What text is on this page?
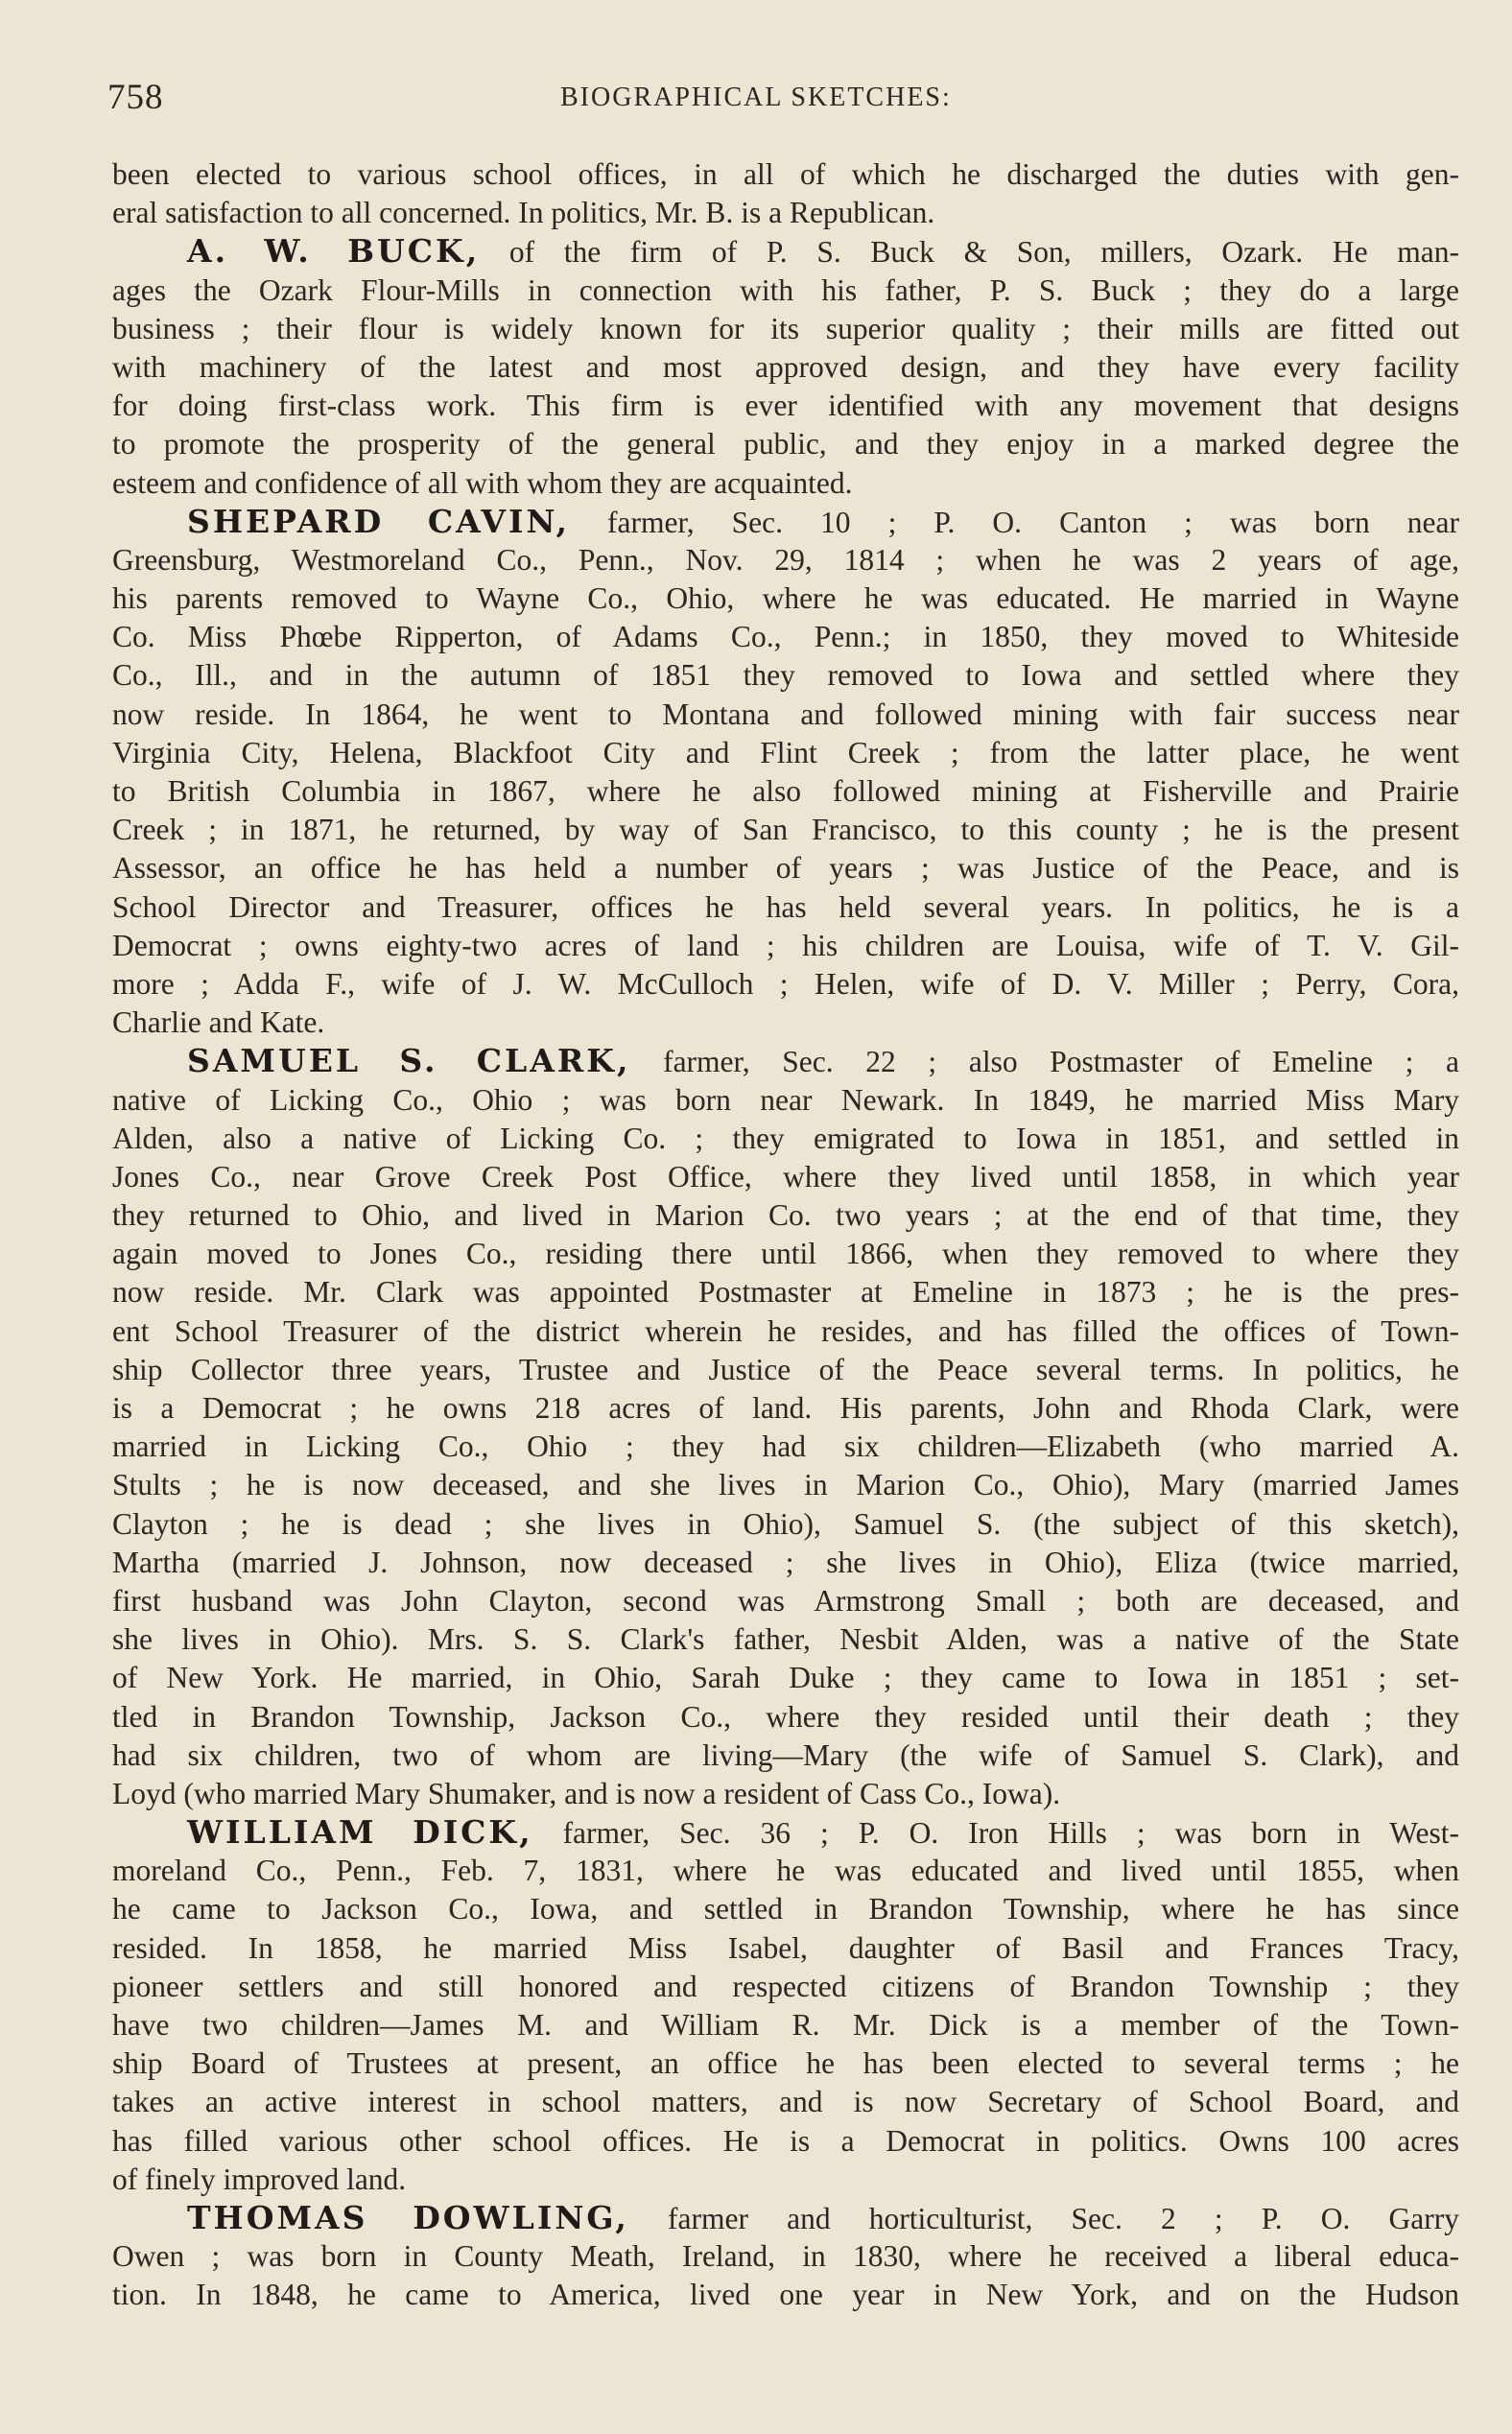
758	BIOGRAPHICAL SKETCHES:
been elected to various school offices, in all of which he discharged the duties with gen-
eral satisfaction to all concerned. In politics, Mr. B. is a Republican.
A. W. BUCK, of the firm of P. S. Buck & Son, millers, Ozark. He man-
ages the Ozark Flour-Mills in connection with his father, P. S. Buck ; they do a large
business ; their flour is widely known for its superior quality ; their mills are fitted out
with machinery of the latest and most approved design, and they have every facility
for doing first-class work. This firm is ever identified with any movement that designs
to promote the prosperity of the general public, and they enjoy in a marked degree the
esteem and confidence of all with whom they are acquainted.
SHEPARD CAVIN, farmer, Sec. 10 ; P. O. Canton ; was born near
Greensburg, Westmoreland Co., Penn., Nov. 29, 1814 ; when he was 2 years of age,
his parents removed to Wayne Co., Ohio, where he was educated. He married in Wayne
Co. Miss Phœbe Ripperton, of Adams Co., Penn.; in 1850, they moved to Whiteside
Co., Ill., and in the autumn of 1851 they removed to Iowa and settled where they
now reside. In 1864, he went to Montana and followed mining with fair success near
Virginia City, Helena, Blackfoot City and Flint Creek ; from the latter place, he went
to British Columbia in 1867, where he also followed mining at Fisherville and Prairie
Creek ; in 1871, he returned, by way of San Francisco, to this county ; he is the present
Assessor, an office he has held a number of years ; was Justice of the Peace, and is
School Director and Treasurer, offices he has held several years. In politics, he is a
Democrat ; owns eighty-two acres of land ; his children are Louisa, wife of T. V. Gil-
more ; Adda F., wife of J. W. McCulloch ; Helen, wife of D. V. Miller ; Perry, Cora,
Charlie and Kate.
SAMUEL S. CLARK, farmer, Sec. 22 ; also Postmaster of Emeline ; a
native of Licking Co., Ohio ; was born near Newark. In 1849, he married Miss Mary
Alden, also a native of Licking Co. ; they emigrated to Iowa in 1851, and settled in
Jones Co., near Grove Creek Post Office, where they lived until 1858, in which year
they returned to Ohio, and lived in Marion Co. two years ; at the end of that time, they
again moved to Jones Co., residing there until 1866, when they removed to where they
now reside. Mr. Clark was appointed Postmaster at Emeline in 1873 ; he is the pres-
ent School Treasurer of the district wherein he resides, and has filled the offices of Town-
ship Collector three years, Trustee and Justice of the Peace several terms. In politics, he
is a Democrat ; he owns 218 acres of land. His parents, John and Rhoda Clark, were
married in Licking Co., Ohio ; they had six children—Elizabeth (who married A.
Stults ; he is now deceased, and she lives in Marion Co., Ohio), Mary (married James
Clayton ; he is dead ; she lives in Ohio), Samuel S. (the subject of this sketch),
Martha (married J. Johnson, now deceased ; she lives in Ohio), Eliza (twice married,
first husband was John Clayton, second was Armstrong Small ; both are deceased, and
she lives in Ohio). Mrs. S. S. Clark's father, Nesbit Alden, was a native of the State
of New York. He married, in Ohio, Sarah Duke ; they came to Iowa in 1851 ; set-
tled in Brandon Township, Jackson Co., where they resided until their death ; they
had six children, two of whom are living—Mary (the wife of Samuel S. Clark), and
Loyd (who married Mary Shumaker, and is now a resident of Cass Co., Iowa).
WILLIAM DICK, farmer, Sec. 36 ; P. O. Iron Hills ; was born in West-
moreland Co., Penn., Feb. 7, 1831, where he was educated and lived until 1855, when
he came to Jackson Co., Iowa, and settled in Brandon Township, where he has since
resided. In 1858, he married Miss Isabel, daughter of Basil and Frances Tracy,
pioneer settlers and still honored and respected citizens of Brandon Township ; they
have two children—James M. and William R. Mr. Dick is a member of the Town-
ship Board of Trustees at present, an office he has been elected to several terms ; he
takes an active interest in school matters, and is now Secretary of School Board, and
has filled various other school offices. He is a Democrat in politics. Owns 100 acres
of finely improved land.
THOMAS DOWLING, farmer and horticulturist, Sec. 2 ; P. O. Garry
Owen ; was born in County Meath, Ireland, in 1830, where he received a liberal educa-
tion. In 1848, he came to America, lived one year in New York, and on the Hudson
